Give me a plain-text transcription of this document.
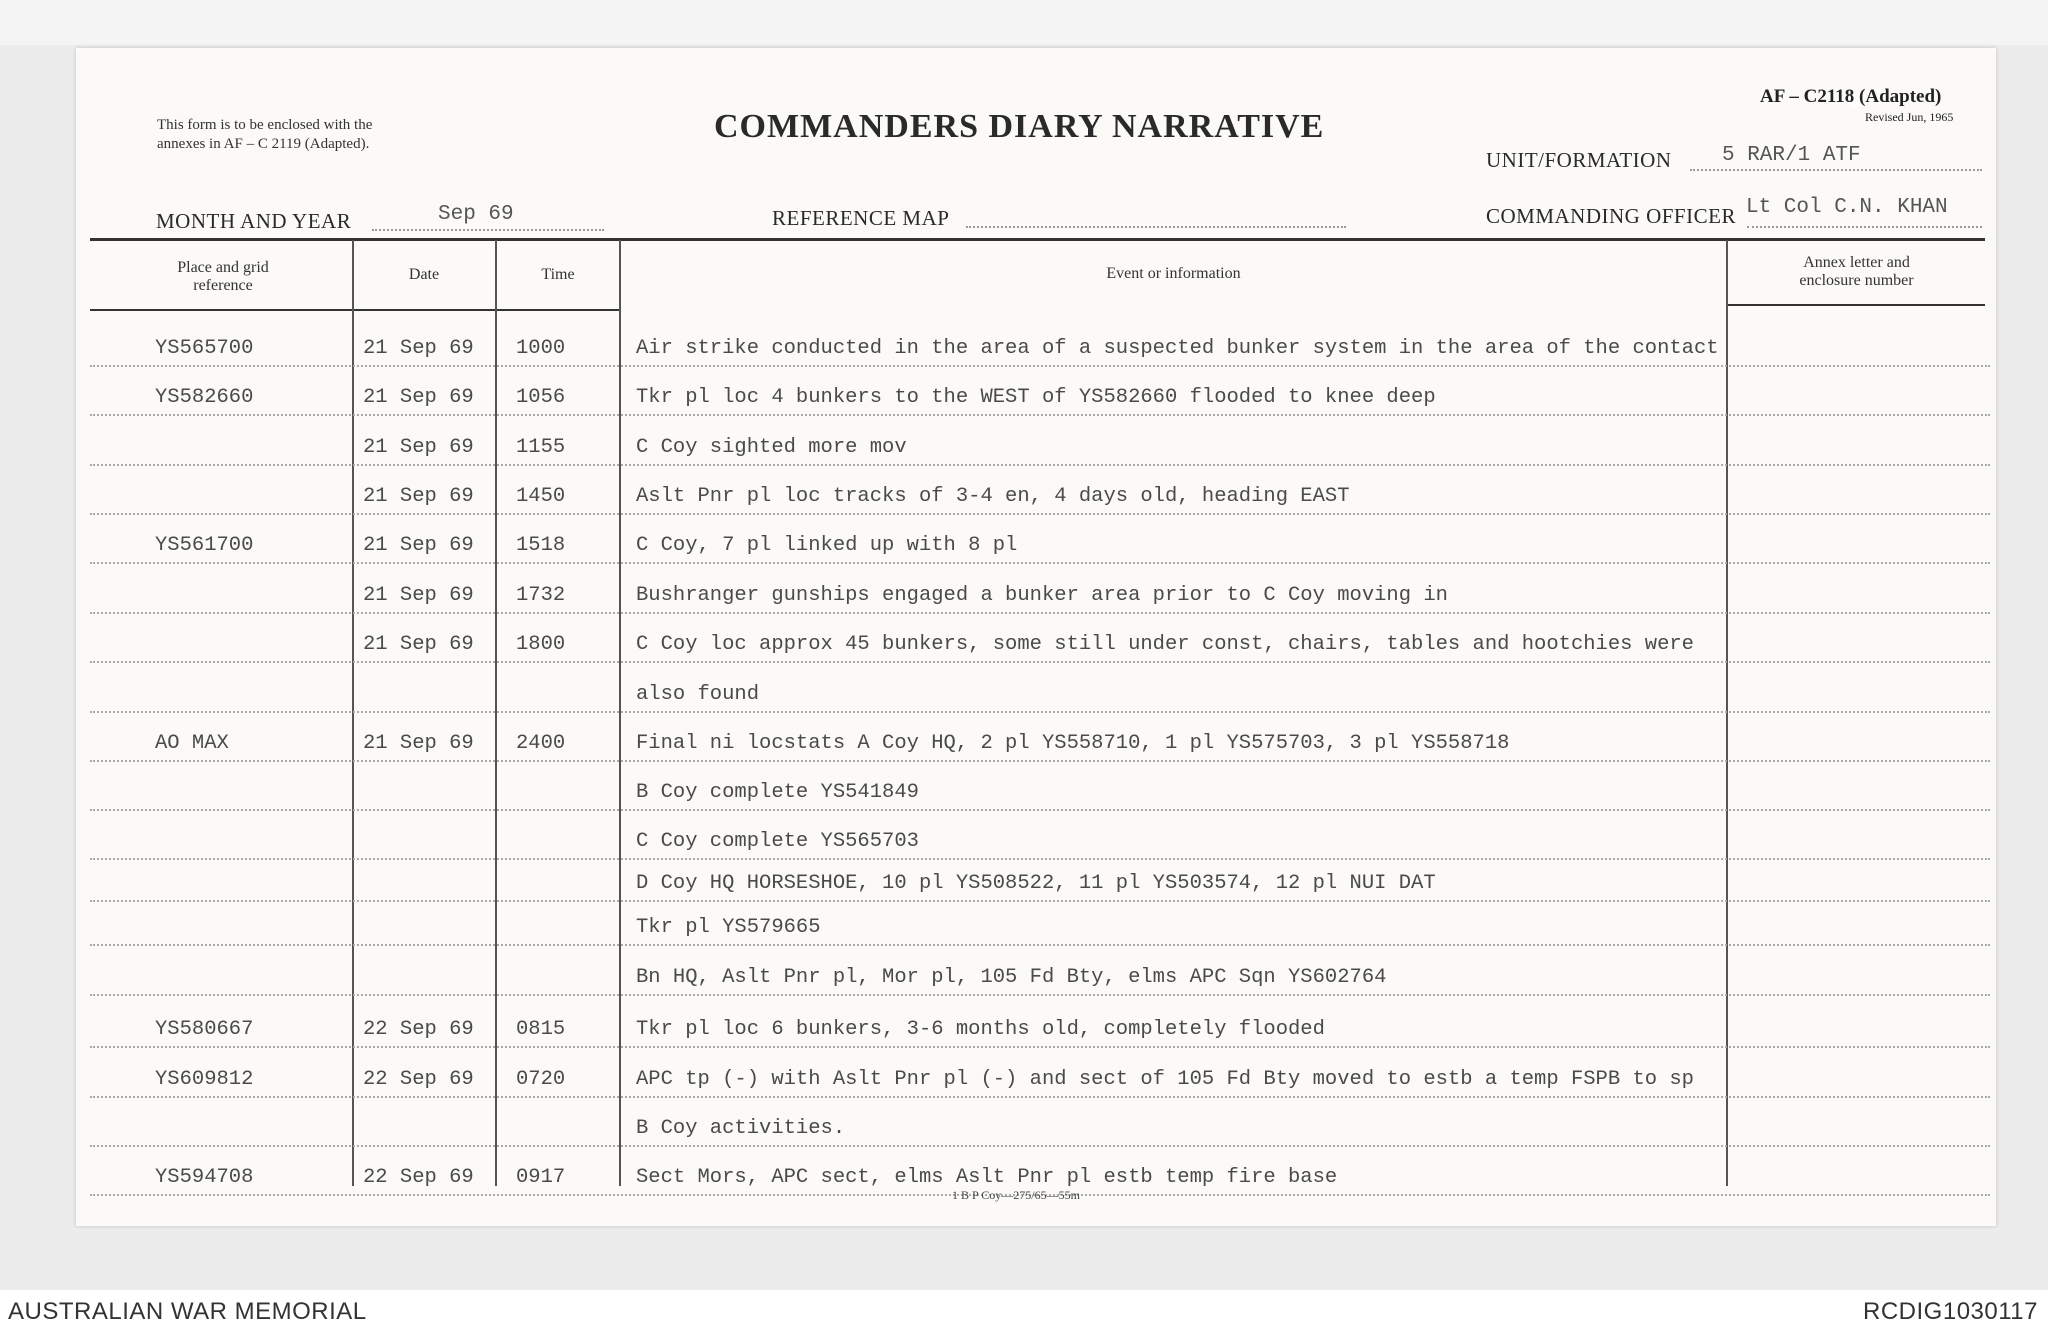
This form is to be enclosed with the
annexes in AF – C 2119 (Adapted).	COMMANDERS DIARY NARRATIVE
AF – C2118 (Adapted)
Revised Jun, 1965
UNIT/FORMATION 5 RAR/1 ATF
MONTH AND YEAR	Sep 69	REFERENCE MAP	COMMANDING OFFICER Lt Col C.N. KHAN
Place and grid
reference
Date	Time	Event or information
Annex letter and
enclosure number
YS565700	21 Sep 69 1000	Air strike conducted in the area of a suspected bunker system in the area of the contact
YS582660	21 Sep 69 1056	Tkr pl loc 4 bunkers to the WEST of YS582660 flooded to knee deep
21 Sep 69 1155	C Coy sighted more mov
21 Sep 69 1450	Aslt Pnr pl loc tracks of 3-4 en, 4 days old, heading EAST
YS561700	21 Sep 69 1518	C Coy, 7 pl linked up with 8 pl
21 Sep 69 1732	Bushranger gunships engaged a bunker area prior to C Coy moving in
21 Sep 69 1800	C Coy loc approx 45 bunkers, some still under const, chairs, tables and hootchies were
also found
AO MAX	21 Sep 69 2400	Final ni locstats A Coy HQ, 2 pl YS558710, 1 pl YS575703, 3 pl YS558718
B Coy complete YS541849
C Coy complete YS565703
D Coy HQ HORSESHOE, 10 pl YS508522, 11 pl YS503574, 12 pl NUI DAT
Tkr pl YS579665
Bn HQ, Aslt Pnr pl, Mor pl, 105 Fd Bty, elms APC Sqn YS602764
YS580667	22 Sep 69 0815	Tkr pl loc 6 bunkers, 3-6 months old, completely flooded
YS609812	22 Sep 69 0720	APC tp (-) with Aslt Pnr pl (-) and sect of 105 Fd Bty moved to estb a temp FSPB to sp
B Coy activities.
YS594708	22 Sep 69 0917	Sect Mors, APC sect, elms Aslt Pnr pl estb temp fire base
1 B P Coy—275/65—55m
AUSTRALIAN WAR MEMORIAL	RCDIG1030117
